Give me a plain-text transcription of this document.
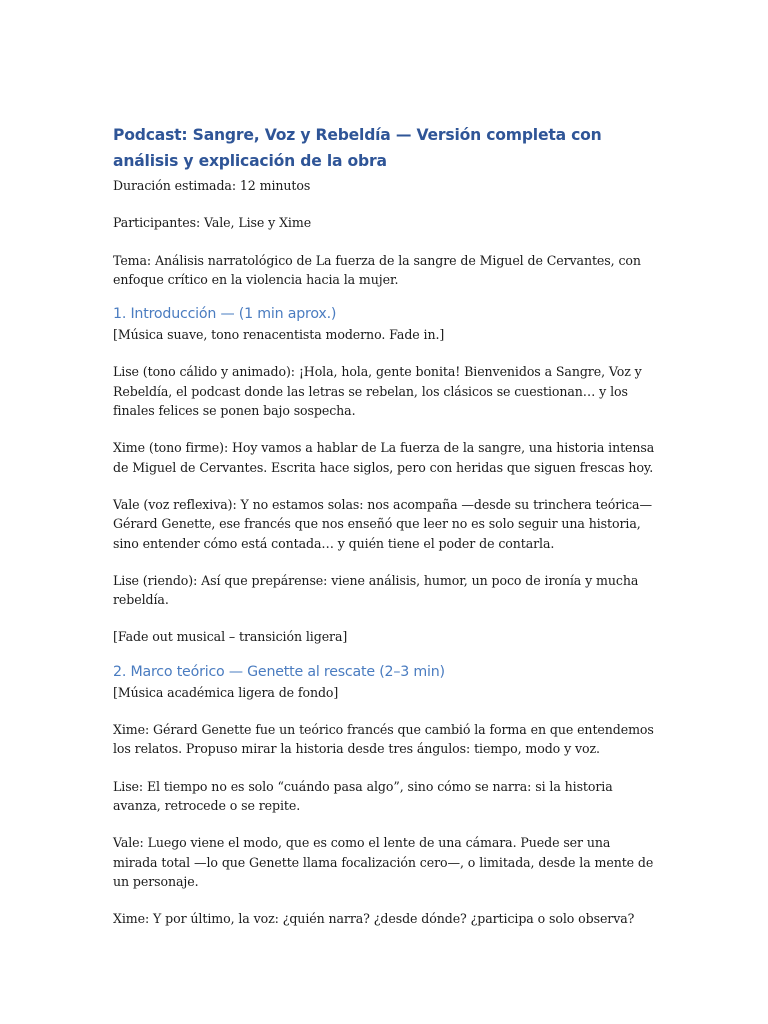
Podcast: Sangre, Voz y Rebeldía — Versión completa con análisis y explicación de la obra

Duración estimada: 12 minutos

Participantes: Vale, Lise y Xime

Tema: Análisis narratológico de La fuerza de la sangre de Miguel de Cervantes, con enfoque crítico en la violencia hacia la mujer.

1. Introducción — (1 min aprox.)

[Música suave, tono renacentista moderno. Fade in.]

Lise (tono cálido y animado): ¡Hola, hola, gente bonita! Bienvenidos a Sangre, Voz y Rebeldía, el podcast donde las letras se rebelan, los clásicos se cuestionan… y los finales felices se ponen bajo sospecha.

Xime (tono firme): Hoy vamos a hablar de La fuerza de la sangre, una historia intensa de Miguel de Cervantes. Escrita hace siglos, pero con heridas que siguen frescas hoy.

Vale (voz reflexiva): Y no estamos solas: nos acompaña —desde su trinchera teórica— Gérard Genette, ese francés que nos enseñó que leer no es solo seguir una historia, sino entender cómo está contada… y quién tiene el poder de contarla.

Lise (riendo): Así que prepárense: viene análisis, humor, un poco de ironía y mucha rebeldía.

[Fade out musical – transición ligera]

2. Marco teórico — Genette al rescate (2–3 min)

[Música académica ligera de fondo]

Xime: Gérard Genette fue un teórico francés que cambió la forma en que entendemos los relatos. Propuso mirar la historia desde tres ángulos: tiempo, modo y voz.

Lise: El tiempo no es solo “cuándo pasa algo”, sino cómo se narra: si la historia avanza, retrocede o se repite.

Vale: Luego viene el modo, que es como el lente de una cámara. Puede ser una mirada total —lo que Genette llama focalización cero—, o limitada, desde la mente de un personaje.

Xime: Y por último, la voz: ¿quién narra? ¿desde dónde? ¿participa o solo observa?
